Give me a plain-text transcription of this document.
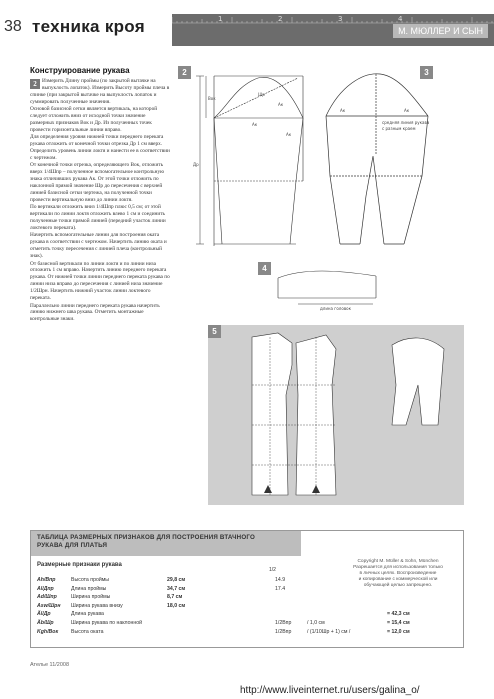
38 техника кроя	1	2	3	4
М. МЮЛЛЕР И СЫН
Конструирование рукава
2 Измерить Длину проймы (по закрытой вытачке на выпуклость лопаток). Измерить Высоту проймы плеча в спинке (при закрытой вытачке на выпуклость лопаток и суммировать полученные значения.
Основой базисной сетки является вертикаль, на которой следует отложить вниз от исходной точки значение размерных признаков Вок и Др. Из полученных точек провести горизонтальные линии вправо.
Для определения уровня нижней точки переднего переката рукава отложить от конечной точки отрезка Др 1 см вверх. Определить уровень линии локтя и нанести ее в соответствии с чертежом.
От конечной точки отрезка, определяющего Вок, отложить вверх 1/4Шпр – полученное вспомогательное контрольную знака отличивших рукава Ак. От этой точки отложить по наклонной прямой значение Шр до пересечения с верхней линией базисной сетки чертежа, на полученной точки провести вертикальную вниз до линии локтя.
По вертикали отложить вниз 1/4Шпр плюс 0,5 см; от этой вертикали по линии локтя отложить влево 1 см и соединить полученные точки прямой линией (передний участок линии локтевого переката).
Начертить вспомогательные линии для построения оката рукава в соответствии с чертежом. Начертить линию оката и отметить точку пересечения с линией плеча (контрольный знак).
От базисной вертикали по линии локтя и по линии низа отложить 1 см вправо. Начертить линию переднего переката рукава. От нижней точки линии переднего переката рукава по линии низа вправо до пересечения с линией низа значение 1/2Шрн. Начертить нижний участок линии локтевого переката.
Параллельно линии переднего переката рукава начертить линию нижнего шва рукава. Отметить монтажные контрольные знаки.
2
Ак
Вок
Др
Шр
Ак
Ак
3
Ак	Ак
средняя линия рукава
с разным краем
4
длина головок
5
ТАБЛИЦА РАЗМЕРНЫХ ПРИЗНАКОВ ДЛЯ ПОСТРОЕНИЯ ВТАЧНОГО
РУКАВА ДЛЯ ПЛАТЬЯ
Размерные признаки рукава
1/2
Copyright M. Müller & Sohn, München
Разрешается для использования только
в личных целях. Воспроизведение
и копирование с коммерческой или
обучающей целью запрещено.
Ah/Впр	Высота проймы	29,8 см	14.9
Al/Дпр	Длина проймы	34,7 см	17.4
Ad/Шпр	Ширина проймы	8,7 см
Asw/Шрн Ширина рукава внизу	18,0 см
Äl/Др	Длина рукава	= 42,3 см
Äb/Шр	Ширина рукава по наклонной	1/2Впр	/ 1,0 см	= 15,4 см
Kgh/Вок Высота оката	1/2Впр	/ (1/10Шр + 1) см /	= 12,0 см
Ателье 11/2008
http://www.liveinternet.ru/users/galina_o/
